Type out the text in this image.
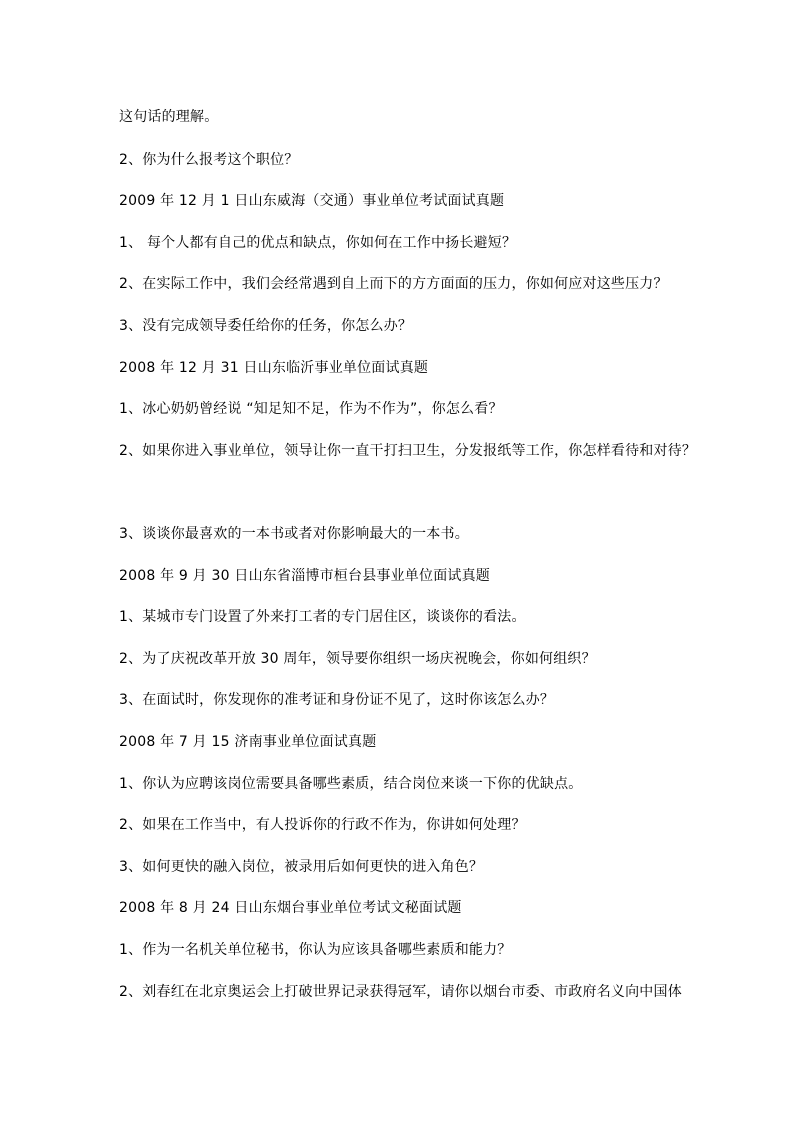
这句话的理解。
2、你为什么报考这个职位？
2009 年 12 月 1 日山东威海（交通）事业单位考试面试真题
1、 每个人都有自己的优点和缺点，你如何在工作中扬长避短？
2、在实际工作中，我们会经常遇到自上而下的方方面面的压力，你如何应对这些压力？
3、没有完成领导委任给你的任务，你怎么办？
2008 年 12 月 31 日山东临沂事业单位面试真题
1、冰心奶奶曾经说 “知足知不足，作为不作为”，你怎么看？
2、如果你进入事业单位，领导让你一直干打扫卫生，分发报纸等工作，你怎样看待和对待？
3、谈谈你最喜欢的一本书或者对你影响最大的一本书。
2008 年 9 月 30 日山东省淄博市桓台县事业单位面试真题
1、某城市专门设置了外来打工者的专门居住区，谈谈你的看法。
2、为了庆祝改革开放 30 周年，领导要你组织一场庆祝晚会，你如何组织？
3、在面试时，你发现你的准考证和身份证不见了，这时你该怎么办？
2008 年 7 月 15 济南事业单位面试真题
1、你认为应聘该岗位需要具备哪些素质，结合岗位来谈一下你的优缺点。
2、如果在工作当中，有人投诉你的行政不作为，你讲如何处理？
3、如何更快的融入岗位，被录用后如何更快的进入角色？
2008 年 8 月 24 日山东烟台事业单位考试文秘面试题
1、作为一名机关单位秘书，你认为应该具备哪些素质和能力？
2、刘春红在北京奥运会上打破世界记录获得冠军，请你以烟台市委、市政府名义向中国体
